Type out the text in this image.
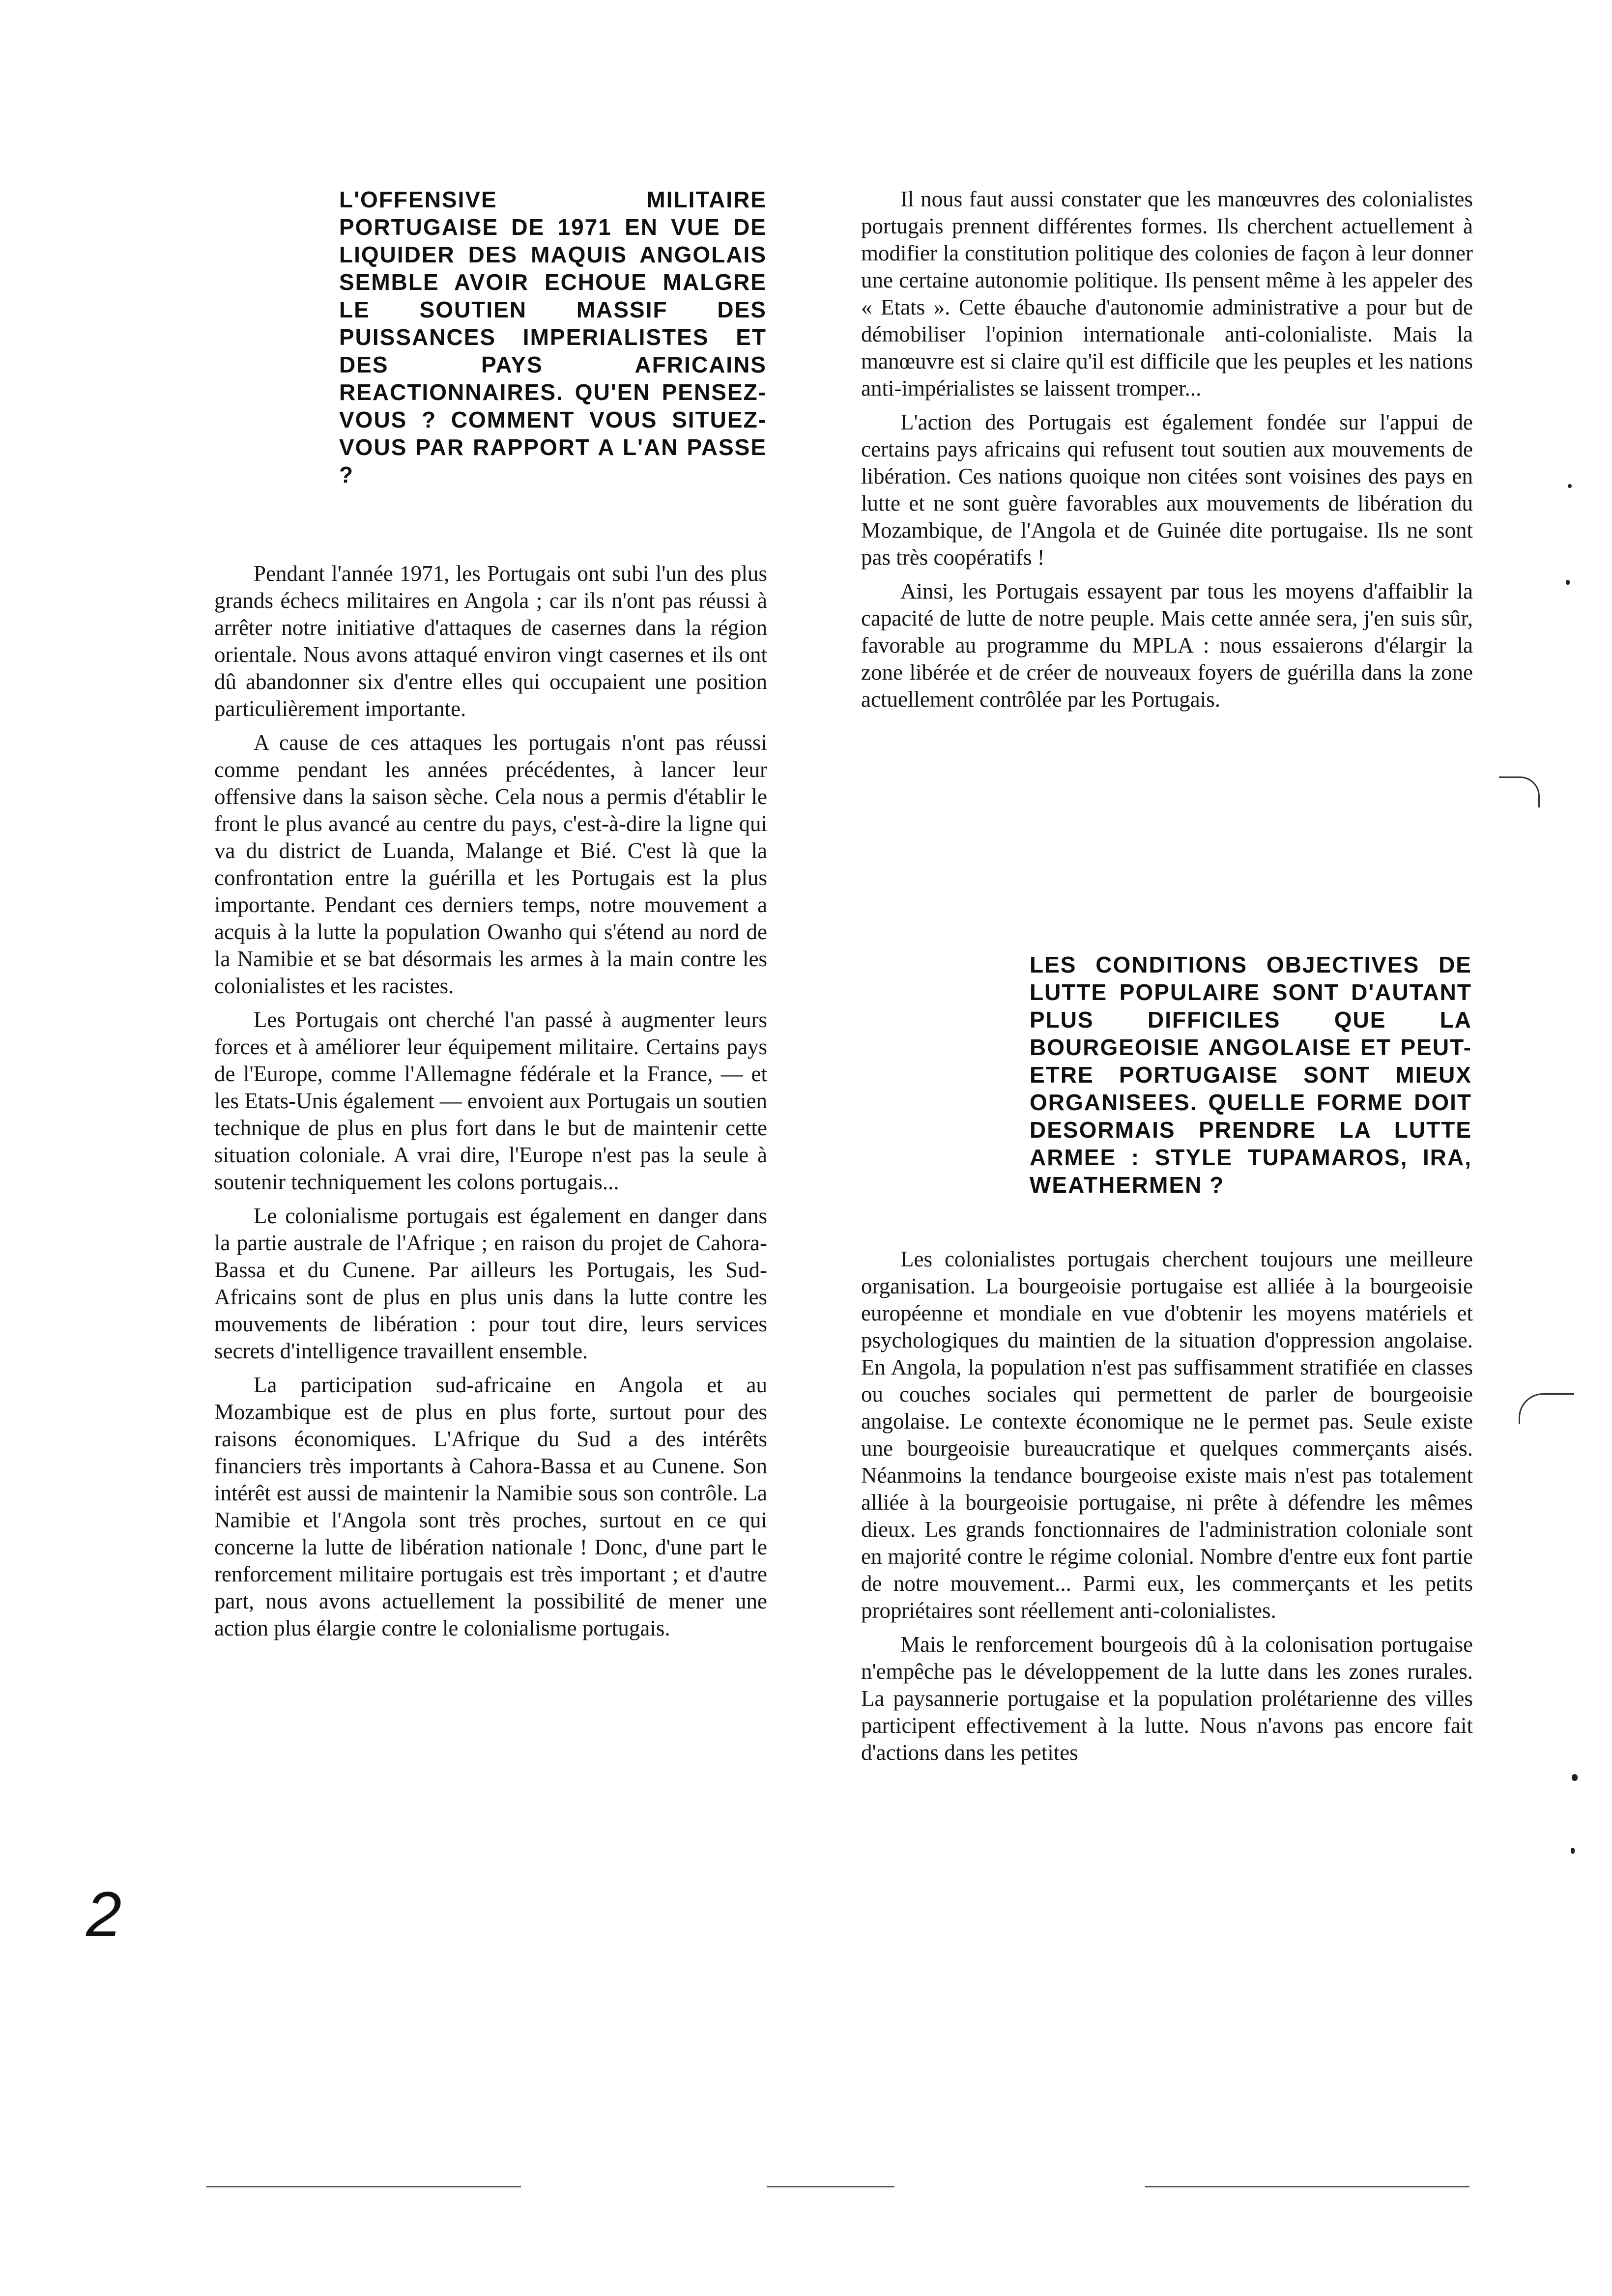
L'OFFENSIVE MILITAIRE PORTUGAISE DE 1971 EN VUE DE LIQUIDER DES MAQUIS ANGOLAIS SEMBLE AVOIR ECHOUE MALGRE LE SOUTIEN MASSIF DES PUISSANCES IMPERIALISTES ET DES PAYS AFRICAINS REACTIONNAIRES. QU'EN PENSEZ-VOUS ? COMMENT VOUS SITUEZ-VOUS PAR RAPPORT A L'AN PASSE ?

Pendant l'année 1971, les Portugais ont subi l'un des plus grands échecs militaires en Angola ; car ils n'ont pas réussi à arrêter notre initiative d'attaques de casernes dans la région orientale. Nous avons attaqué environ vingt casernes et ils ont dû abandonner six d'entre elles qui occupaient une position particulièrement importante.

A cause de ces attaques les portugais n'ont pas réussi comme pendant les années précédentes, à lancer leur offensive dans la saison sèche. Cela nous a permis d'établir le front le plus avancé au centre du pays, c'est-à-dire la ligne qui va du district de Luanda, Malange et Bié. C'est là que la confrontation entre la guérilla et les Portugais est la plus importante. Pendant ces derniers temps, notre mouvement a acquis à la lutte la population Owanho qui s'étend au nord de la Namibie et se bat désormais les armes à la main contre les colonialistes et les racistes.

Les Portugais ont cherché l'an passé à augmenter leurs forces et à améliorer leur équipement militaire. Certains pays de l'Europe, comme l'Allemagne fédérale et la France, — et les Etats-Unis également — envoient aux Portugais un soutien technique de plus en plus fort dans le but de maintenir cette situation coloniale. A vrai dire, l'Europe n'est pas la seule à soutenir techniquement les colons portugais...

Le colonialisme portugais est également en danger dans la partie australe de l'Afrique ; en raison du projet de Cahora-Bassa et du Cunene. Par ailleurs les Portugais, les Sud-Africains sont de plus en plus unis dans la lutte contre les mouvements de libération : pour tout dire, leurs services secrets d'intelligence travaillent ensemble.

La participation sud-africaine en Angola et au Mozambique est de plus en plus forte, surtout pour des raisons économiques. L'Afrique du Sud a des intérêts financiers très importants à Cahora-Bassa et au Cunene. Son intérêt est aussi de maintenir la Namibie sous son contrôle. La Namibie et l'Angola sont très proches, surtout en ce qui concerne la lutte de libération nationale ! Donc, d'une part le renforcement militaire portugais est très important ; et d'autre part, nous avons actuellement la possibilité de mener une action plus élargie contre le colonialisme portugais.

Il nous faut aussi constater que les manœuvres des colonialistes portugais prennent différentes formes. Ils cherchent actuellement à modifier la constitution politique des colonies de façon à leur donner une certaine autonomie politique. Ils pensent même à les appeler des « Etats ». Cette ébauche d'autonomie administrative a pour but de démobiliser l'opinion internationale anti-colonialiste. Mais la manœuvre est si claire qu'il est difficile que les peuples et les nations anti-impérialistes se laissent tromper...

L'action des Portugais est également fondée sur l'appui de certains pays africains qui refusent tout soutien aux mouvements de libération. Ces nations quoique non citées sont voisines des pays en lutte et ne sont guère favorables aux mouvements de libération du Mozambique, de l'Angola et de Guinée dite portugaise. Ils ne sont pas très coopératifs !

Ainsi, les Portugais essayent par tous les moyens d'affaiblir la capacité de lutte de notre peuple. Mais cette année sera, j'en suis sûr, favorable au programme du MPLA : nous essaierons d'élargir la zone libérée et de créer de nouveaux foyers de guérilla dans la zone actuellement contrôlée par les Portugais.

LES CONDITIONS OBJECTIVES DE LUTTE POPULAIRE SONT D'AUTANT PLUS DIFFICILES QUE LA BOURGEOISIE ANGOLAISE ET PEUT-ETRE PORTUGAISE SONT MIEUX ORGANISEES. QUELLE FORME DOIT DESORMAIS PRENDRE LA LUTTE ARMEE : STYLE TUPAMAROS, IRA, WEATHERMEN ?

Les colonialistes portugais cherchent toujours une meilleure organisation. La bourgeoisie portugaise est alliée à la bourgeoisie européenne et mondiale en vue d'obtenir les moyens matériels et psychologiques du maintien de la situation d'oppression angolaise. En Angola, la population n'est pas suffisamment stratifiée en classes ou couches sociales qui permettent de parler de bourgeoisie angolaise. Le contexte économique ne le permet pas. Seule existe une bourgeoisie bureaucratique et quelques commerçants aisés. Néanmoins la tendance bourgeoise existe mais n'est pas totalement alliée à la bourgeoisie portugaise, ni prête à défendre les mêmes dieux. Les grands fonctionnaires de l'administration coloniale sont en majorité contre le régime colonial. Nombre d'entre eux font partie de notre mouvement... Parmi eux, les commerçants et les petits propriétaires sont réellement anti-colonialistes.

Mais le renforcement bourgeois dû à la colonisation portugaise n'empêche pas le développement de la lutte dans les zones rurales. La paysannerie portugaise et la population prolétarienne des villes participent effectivement à la lutte. Nous n'avons pas encore fait d'actions dans les petites

2
